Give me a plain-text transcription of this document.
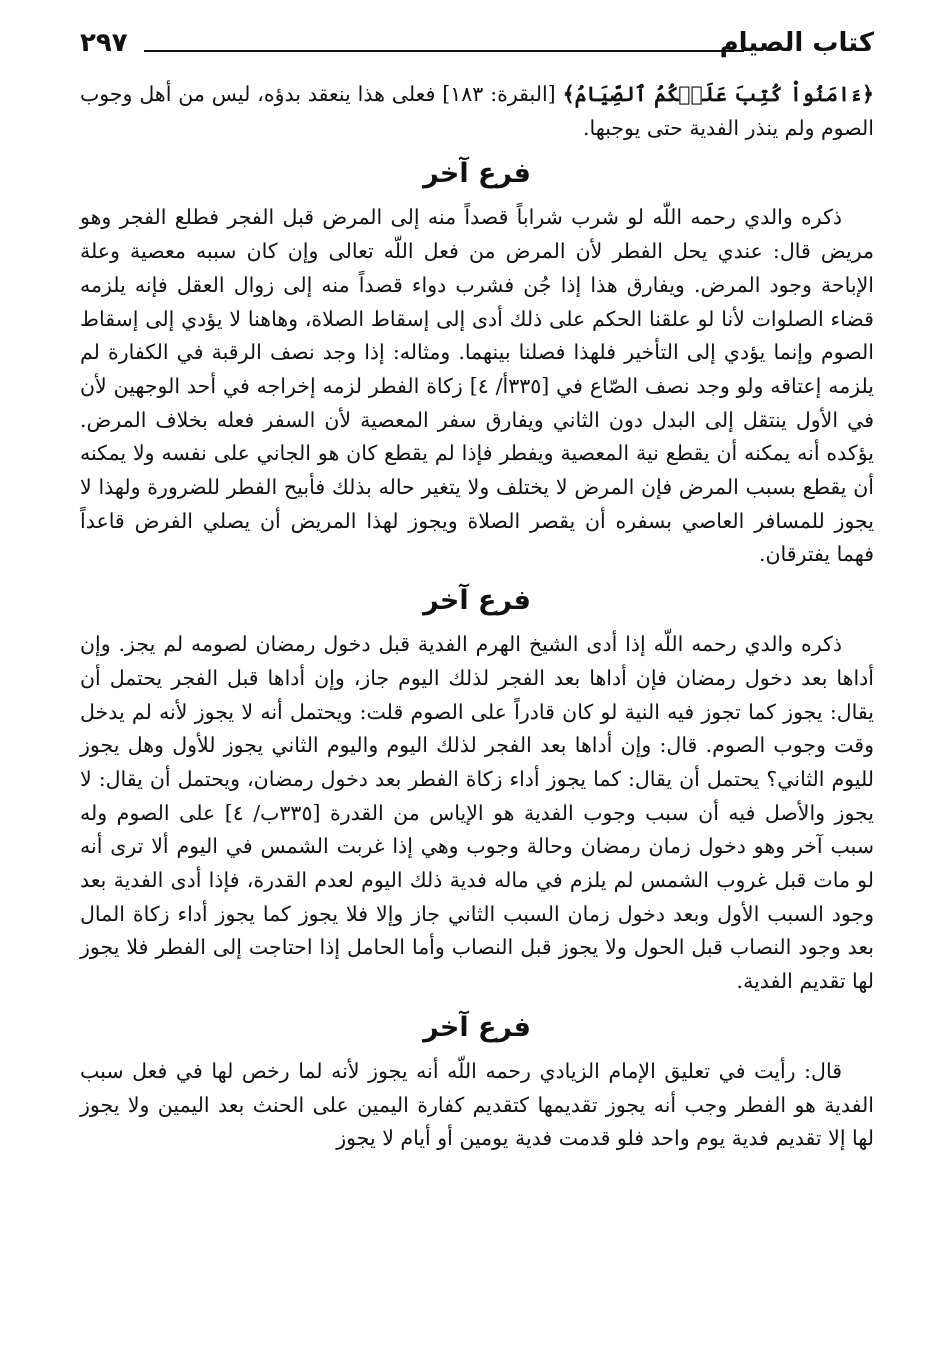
كتاب الصيام
٢٩٧

﴿ءَامَنُواْ كُتِبَ عَلَيۡكُمُ ٱلصِّيَامُ﴾ [البقرة: ١٨٣] فعلى هذا ينعقد بدؤه، ليس من أهل وجوب الصوم ولم ينذر الفدية حتى يوجبها.

فرع آخر

ذكره والدي رحمه اللّه لو شرب شراباً قصداً منه إلى المرض قبل الفجر فطلع الفجر وهو مريض قال: عندي يحل الفطر لأن المرض من فعل اللّه تعالى وإن كان سببه معصية وعلة الإباحة وجود المرض. ويفارق هذا إذا جُن فشرب دواء قصداً منه إلى زوال العقل فإنه يلزمه قضاء الصلوات لأنا لو علقنا الحكم على ذلك أدى إلى إسقاط الصلاة، وهاهنا لا يؤدي إلى إسقاط الصوم وإنما يؤدي إلى التأخير فلهذا فصلنا بينهما. ومثاله: إذا وجد نصف الرقبة في الكفارة لم يلزمه إعتاقه ولو وجد نصف الصّاع في [٣٣٥أ/ ٤] زكاة الفطر لزمه إخراجه في أحد الوجهين لأن في الأول ينتقل إلى البدل دون الثاني ويفارق سفر المعصية لأن السفر فعله بخلاف المرض. يؤكده أنه يمكنه أن يقطع نية المعصية ويفطر فإذا لم يقطع كان هو الجاني على نفسه ولا يمكنه أن يقطع بسبب المرض فإن المرض لا يختلف ولا يتغير حاله بذلك فأبيح الفطر للضرورة ولهذا لا يجوز للمسافر العاصي بسفره أن يقصر الصلاة ويجوز لهذا المريض أن يصلي الفرض قاعداً فهما يفترقان.

فرع آخر

ذكره والدي رحمه اللّه إذا أدى الشيخ الهرم الفدية قبل دخول رمضان لصومه لم يجز. وإن أداها بعد دخول رمضان فإن أداها بعد الفجر لذلك اليوم جاز، وإن أداها قبل الفجر يحتمل أن يقال: يجوز كما تجوز فيه النية لو كان قادراً على الصوم قلت: ويحتمل أنه لا يجوز لأنه لم يدخل وقت وجوب الصوم. قال: وإن أداها بعد الفجر لذلك اليوم واليوم الثاني يجوز للأول وهل يجوز لليوم الثاني؟ يحتمل أن يقال: كما يجوز أداء زكاة الفطر بعد دخول رمضان، ويحتمل أن يقال: لا يجوز والأصل فيه أن سبب وجوب الفدية هو الإياس من القدرة [٣٣٥ب/ ٤] على الصوم وله سبب آخر وهو دخول زمان رمضان وحالة وجوب وهي إذا غربت الشمس في اليوم ألا ترى أنه لو مات قبل غروب الشمس لم يلزم في ماله فدية ذلك اليوم لعدم القدرة، فإذا أدى الفدية بعد وجود السبب الأول وبعد دخول زمان السبب الثاني جاز وإلا فلا يجوز كما يجوز أداء زكاة المال بعد وجود النصاب قبل الحول ولا يجوز قبل النصاب وأما الحامل إذا احتاجت إلى الفطر فلا يجوز لها تقديم الفدية.

فرع آخر

قال: رأيت في تعليق الإمام الزيادي رحمه اللّه أنه يجوز لأنه لما رخص لها في فعل سبب الفدية هو الفطر وجب أنه يجوز تقديمها كتقديم كفارة اليمين على الحنث بعد اليمين ولا يجوز لها إلا تقديم فدية يوم واحد فلو قدمت فدية يومين أو أيام لا يجوز
